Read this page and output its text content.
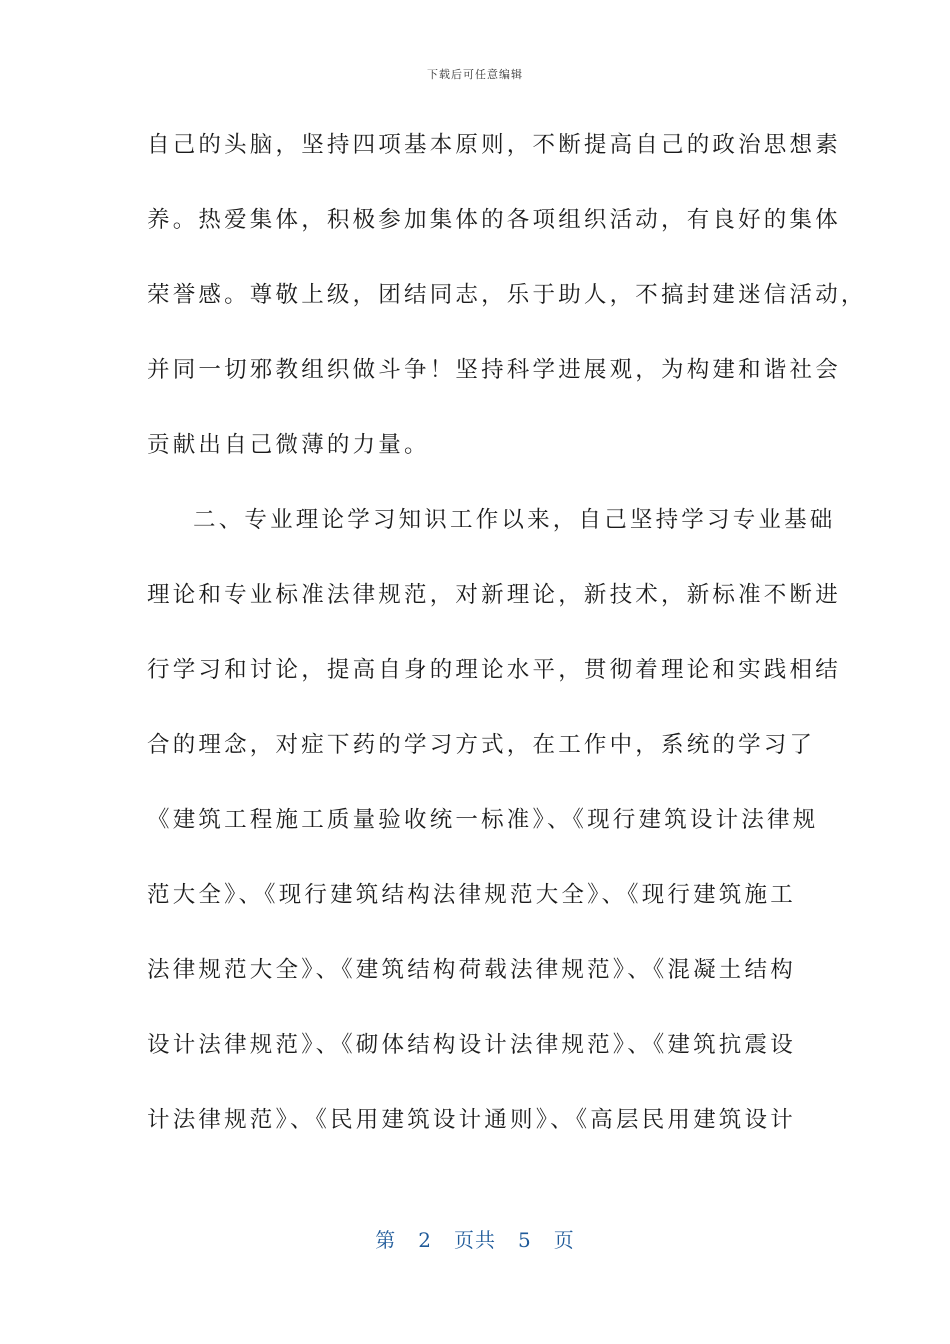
下载后可任意编辑
自己的头脑，坚持四项基本原则，不断提高自己的政治思想素
养。热爱集体，积极参加集体的各项组织活动，有良好的集体
荣誉感。尊敬上级，团结同志，乐于助人，不搞封建迷信活动，
并同一切邪教组织做斗争！坚持科学进展观，为构建和谐社会
贡献出自己微薄的力量。
二、专业理论学习知识工作以来，自己坚持学习专业基础
理论和专业标准法律规范，对新理论，新技术，新标准不断进
行学习和讨论，提高自身的理论水平，贯彻着理论和实践相结
合的理念，对症下药的学习方式，在工作中，系统的学习了
《建筑工程施工质量验收统一标准》、《现行建筑设计法律规
范大全》、《现行建筑结构法律规范大全》、《现行建筑施工
法律规范大全》、《建筑结构荷载法律规范》、《混凝土结构
设计法律规范》、《砌体结构设计法律规范》、《建筑抗震设
计法律规范》、《民用建筑设计通则》、《高层民用建筑设计
第 2 页共 5 页
